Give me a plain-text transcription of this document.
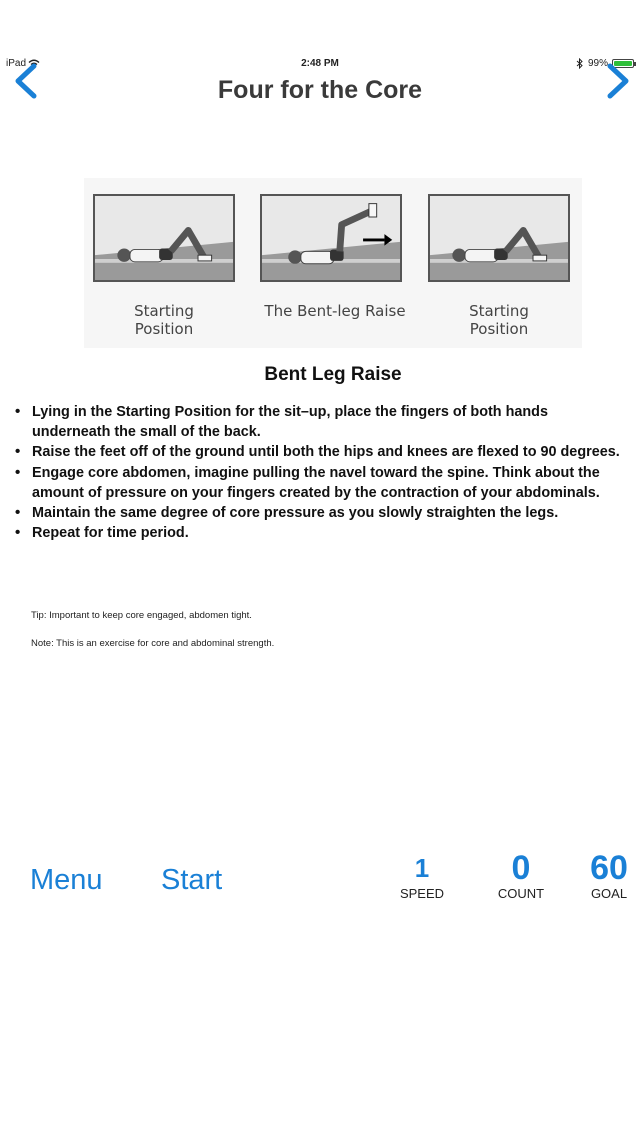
iPad	2:48 PM	99%
Four for the Core
Starting
Position
The Bent-leg Raise	Starting
Position
Bent Leg Raise
• Lying in the Starting Position for the sit–up, place the fingers of both hands underneath the small of the back.
• Raise the feet off of the ground until both the hips and knees are flexed to 90 degrees.
• Engage core abdomen, imagine pulling the navel toward the spine. Think about the amount of pressure on your fingers created by the contraction of your abdominals.
• Maintain the same degree of core pressure as you slowly straighten the legs.
• Repeat for time period.
Tip: Important to keep core engaged, abdomen tight.
Note: This is an exercise for core and abdominal strength.
Menu Start	1
SPEED
0
COUNT
60
GOAL
